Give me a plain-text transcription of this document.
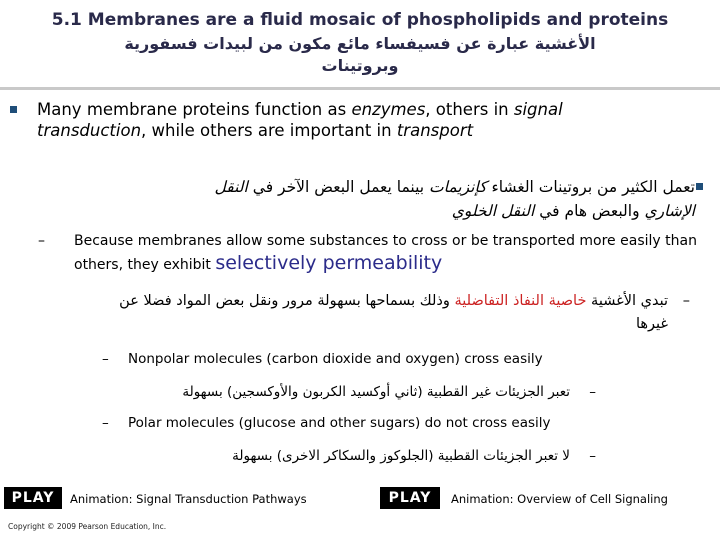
5.1 Membranes are a fluid mosaic of phospholipids and proteins
الأغشية عبارة عن فسيفساء مائع مكون من لبيدات فسفورية
وبروتينات
Many membrane proteins function as enzymes, others in signal
transduction, while others are important in transport
تعمل الكثير من بروتينات الغشاء كإنزيمات بينما يعمل البعض الآخر في النقل
الإشاري والبعض هام في النقل الخلوي
–	Because membranes allow some substances to cross or be transported more easily than others, they exhibit selectively permeability
–
تبدي الأغشية خاصية النفاذ التفاضلية وذلك بسماحها بسهولة مرور ونقل بعض المواد فضلا عن غيرها
– Nonpolar molecules (carbon dioxide and oxygen) cross easily
–
تعبر الجزيئات غير القطبية (ثاني أوكسيد الكربون والأوكسجين) بسهولة
– Polar molecules (glucose and other sugars) do not cross easily
–
لا تعبر الجزيئات القطبية (الجلوكوز والسكاكر الاخرى) بسهولة
PLAY	Animation: Signal Transduction Pathways	PLAY	Animation: Overview of Cell Signaling
Copyright © 2009 Pearson Education, Inc.
